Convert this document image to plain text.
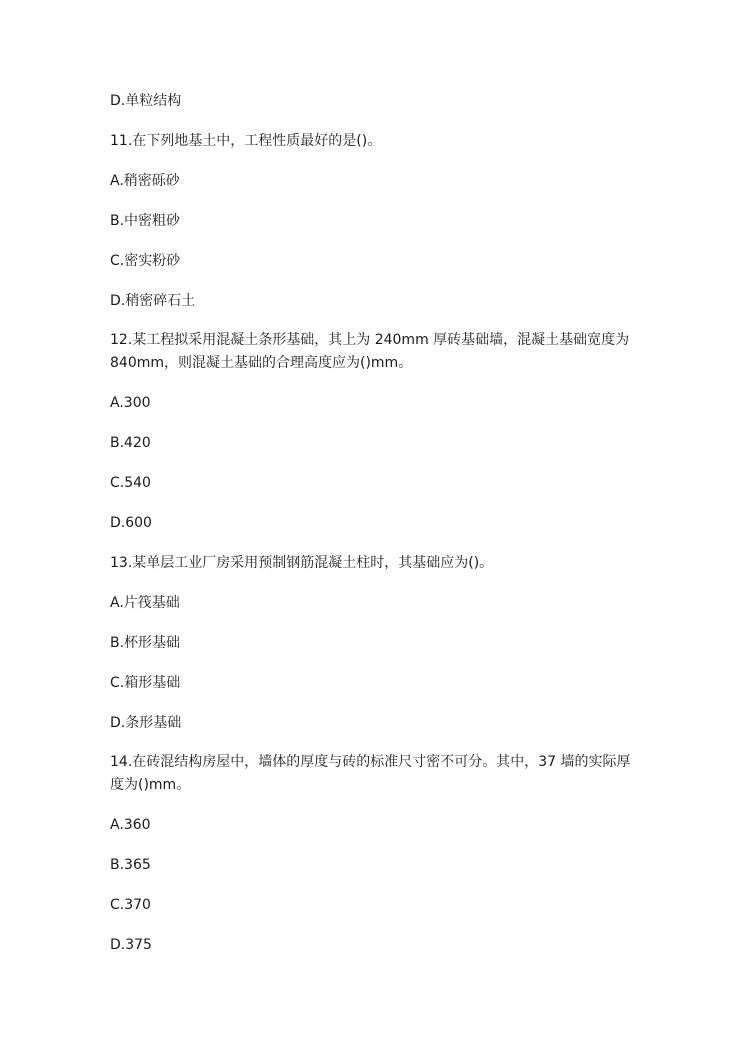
D.单粒结构
11.在下列地基土中，工程性质最好的是()。
A.稍密砾砂
B.中密粗砂
C.密实粉砂
D.稍密碎石土
12.某工程拟采用混凝土条形基础，其上为 240mm 厚砖基础墙，混凝土基础宽度为 840mm，则混凝土基础的合理高度应为()mm。
A.300
B.420
C.540
D.600
13.某单层工业厂房采用预制钢筋混凝土柱时，其基础应为()。
A.片筏基础
B.杯形基础
C.箱形基础
D.条形基础
14.在砖混结构房屋中，墙体的厚度与砖的标准尺寸密不可分。其中，37 墙的实际厚度为()mm。
A.360
B.365
C.370
D.375
